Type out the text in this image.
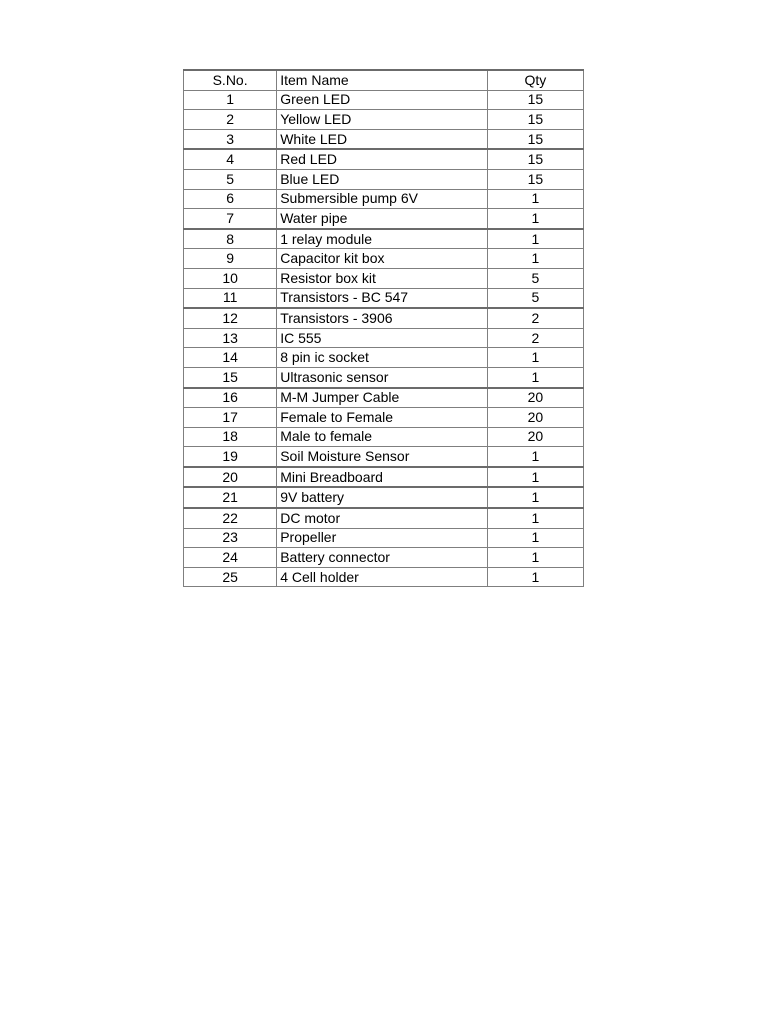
S.No.	Item Name	Qty
1	Green LED	15
2	Yellow LED	15
3	White LED	15
4	Red LED	15
5	Blue LED	15
6	Submersible pump 6V	1
7	Water pipe	1
8	1 relay module	1
9	Capacitor kit box	1
10	Resistor box kit	5
11	Transistors - BC 547	5
12	Transistors - 3906	2
13	IC 555	2
14	8 pin ic socket	1
15	Ultrasonic sensor	1
16	M-M Jumper Cable	20
17	Female to Female	20
18	Male to female	20
19	Soil Moisture Sensor	1
20	Mini Breadboard	1
21	9V battery	1
22	DC motor	1
23	Propeller	1
24	Battery connector	1
25	4 Cell holder	1
